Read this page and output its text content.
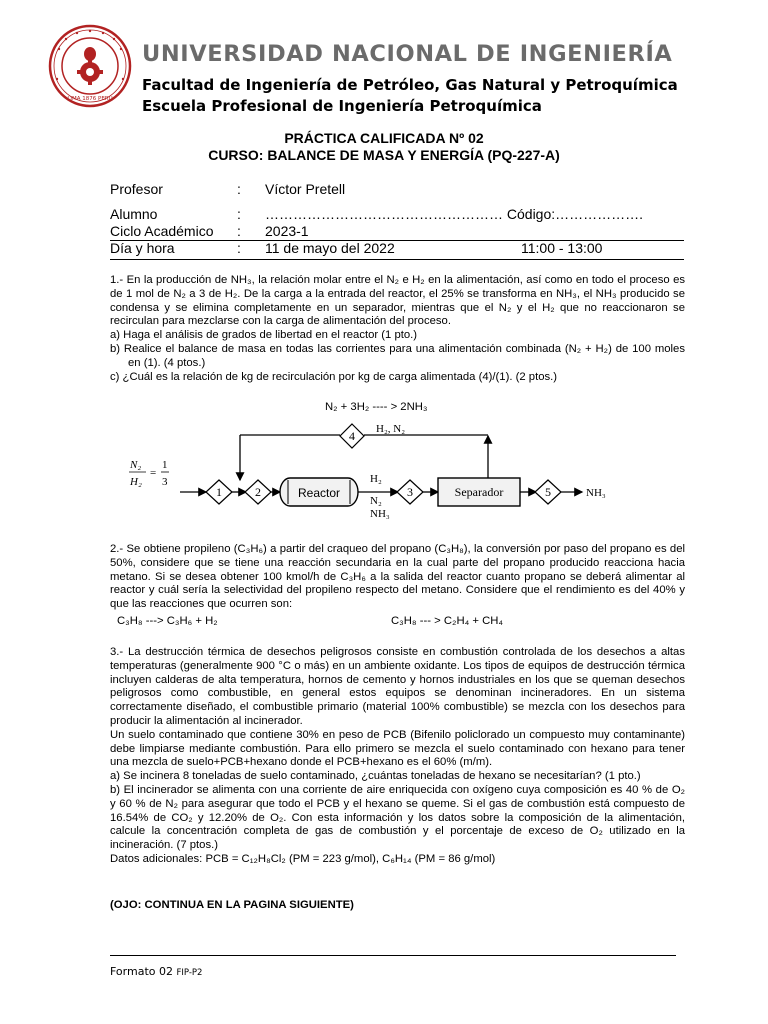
LIMA 1876 PERU
UNIVERSIDAD NACIONAL DE INGENIERÍA
Facultad de Ingeniería de Petróleo, Gas Natural y Petroquímica
Escuela Profesional de Ingeniería Petroquímica
PRÁCTICA CALIFICADA Nº 02
CURSO: BALANCE DE MASA Y ENERGÍA (PQ-227-A)
Profesor	: Víctor Pretell
Alumno	: …………………………………………… Código:……………….
Ciclo Académico : 2023-1
Día y hora	: 11 de mayo del 2022	11:00 - 13:00

1.- En la producción de NH₃, la relación molar entre el N₂ e H₂ en la alimentación, así como en todo el proceso es de 1 mol de N₂ a 3 de H₂. De la carga a la entrada del reactor, el 25% se transforma en NH₃, el NH₃ producido se condensa y se elimina completamente en un separador, mientras que el N₂ y el H₂ que no reaccionaron se recirculan para mezclarse con la carga de alimentación del proceso.

a) Haga el análisis de grados de libertad en el reactor (1 pto.)

b) Realice el balance de masa en todas las corrientes para una alimentación combinada (N₂ + H₂) de 100 moles en (1). (4 ptos.)

c) ¿Cuál es la relación de kg de recirculación por kg de carga alimentada (4)/(1). (2 ptos.)

N₂ + 3H₂ ---- > 2NH₃
1	2	3
4
5
Reactor	Separador
H₂, N₂
H₂
N₂
NH₃
NH₃
N₂
H₂
=
1
3

2.- Se obtiene propileno (C₃H₆) a partir del craqueo del propano (C₃H₈), la conversión por paso del propano es del 50%, considere que se tiene una reacción secundaria en la cual parte del propano producido reacciona hacia metano. Si se desea obtener 100 kmol/h de C₃H₆ a la salida del reactor cuanto propano se deberá alimentar al reactor y cuál sería la selectividad del propileno respecto del metano. Considere que el rendimiento es del 40% y que las reacciones que ocurren son:

C₃H₈ ---> C₃H₆ + H₂	C₃H₈ --- > C₂H₄ + CH₄

3.- La destrucción térmica de desechos peligrosos consiste en combustión controlada de los desechos a altas temperaturas (generalmente 900 °C o más) en un ambiente oxidante. Los tipos de equipos de destrucción térmica incluyen calderas de alta temperatura, hornos de cemento y hornos industriales en los que se queman desechos peligrosos como combustible, en general estos equipos se denominan incineradores. En un sistema correctamente diseñado, el combustible primario (material 100% combustible) se mezcla con los desechos para producir la alimentación al incinerador.

Un suelo contaminado que contiene 30% en peso de PCB (Bifenilo policlorado un compuesto muy contaminante) debe limpiarse mediante combustión. Para ello primero se mezcla el suelo contaminado con hexano para tener una mezcla de suelo+PCB+hexano donde el PCB+hexano es el 60% (m/m).

a) Se incinera 8 toneladas de suelo contaminado, ¿cuántas toneladas de hexano se necesitarían? (1 pto.)

b) El incinerador se alimenta con una corriente de aire enriquecida con oxígeno cuya composición es 40 % de O₂ y 60 % de N₂ para asegurar que todo el PCB y el hexano se queme. Si el gas de combustión está compuesto de 16.54% de CO₂ y 12.20% de O₂. Con esta información y los datos sobre la composición de la alimentación, calcule la concentración completa de gas de combustión y el porcentaje de exceso de O₂ utilizado en la incineración. (7 ptos.)

Datos adicionales: PCB = C₁₂H₈Cl₂ (PM = 223 g/mol), C₆H₁₄ (PM = 86 g/mol)

(OJO: CONTINUA EN LA PAGINA SIGUIENTE)
Formato 02 FIP-P2
